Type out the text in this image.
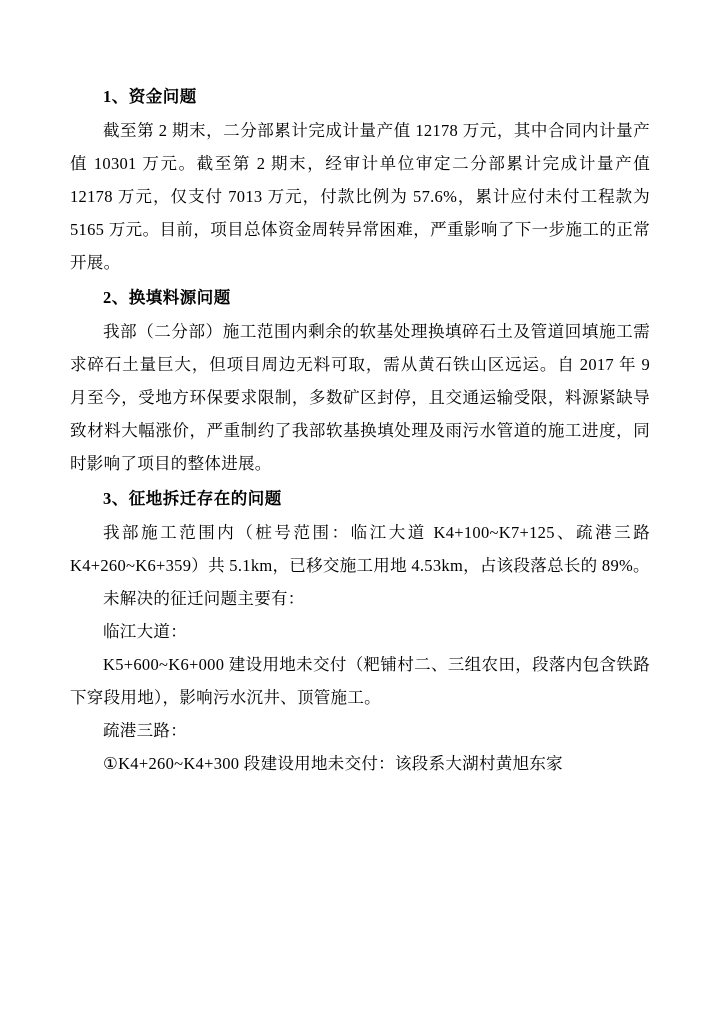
1、资金问题

截至第 2 期末，二分部累计完成计量产值 12178 万元，其中合同内计量产值 10301 万元。截至第 2 期末，经审计单位审定二分部累计完成计量产值 12178 万元，仅支付 7013 万元，付款比例为 57.6%，累计应付未付工程款为 5165 万元。目前，项目总体资金周转异常困难，严重影响了下一步施工的正常开展。

2、换填料源问题

我部（二分部）施工范围内剩余的软基处理换填碎石土及管道回填施工需求碎石土量巨大，但项目周边无料可取，需从黄石铁山区远运。自 2017 年 9 月至今，受地方环保要求限制，多数矿区封停，且交通运输受限，料源紧缺导致材料大幅涨价，严重制约了我部软基换填处理及雨污水管道的施工进度，同时影响了项目的整体进展。

3、征地拆迁存在的问题

我部施工范围内（桩号范围：临江大道 K4+100~K7+125、疏港三路 K4+260~K6+359）共 5.1km，已移交施工用地 4.53km，占该段落总长的 89%。

未解决的征迁问题主要有：

临江大道：

K5+600~K6+000 建设用地未交付（粑铺村二、三组农田，段落内包含铁路下穿段用地），影响污水沉井、顶管施工。

疏港三路：

①K4+260~K4+300 段建设用地未交付：该段系大湖村黄旭东家
